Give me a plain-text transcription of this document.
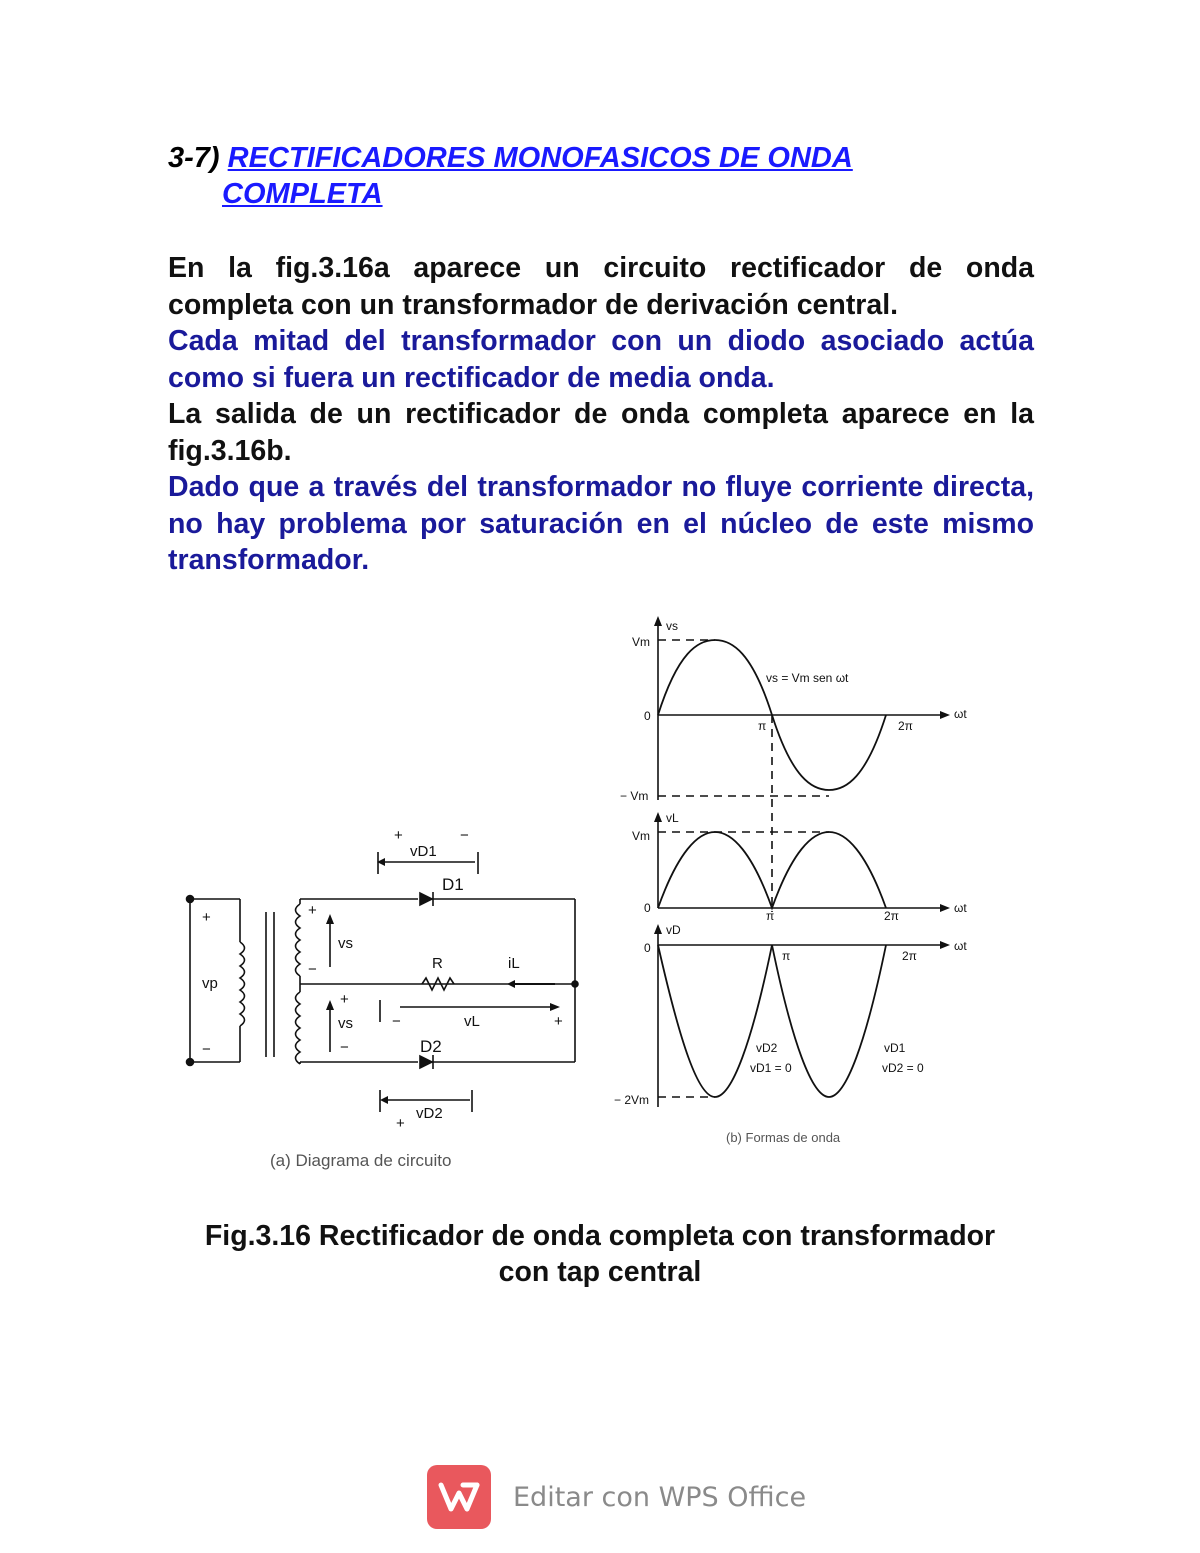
3-7) RECTIFICADORES MONOFASICOS DE ONDA
COMPLETA

En la fig.3.16a aparece un circuito rectificador de onda completa con un transformador de derivación central.

Cada mitad del transformador con un diodo asociado actúa como si fuera un rectificador de media onda.

La salida de un rectificador de onda completa aparece en la fig.3.16b.

Dado que a través del transformador no fluye corriente directa, no hay problema por saturación en el núcleo de este mismo transformador.

+	−
vD1
D1
+
−
vp
+
−
vs
+
−
vs
R	iL
−	vL	+
D2
vD2
+
(a) Diagrama de circuito
vs
Vm
vs = Vm sen ωt
0
π	2π
ωt
− Vm
vL
Vm
0
π	2π
ωt
vD
0
π	2π
ωt
vD2
vD1 = 0
vD1
vD2 = 0
− 2Vm
(b) Formas de onda
Fig.3.16 Rectificador de onda completa con transformador
con tap central
Editar con WPS Office
